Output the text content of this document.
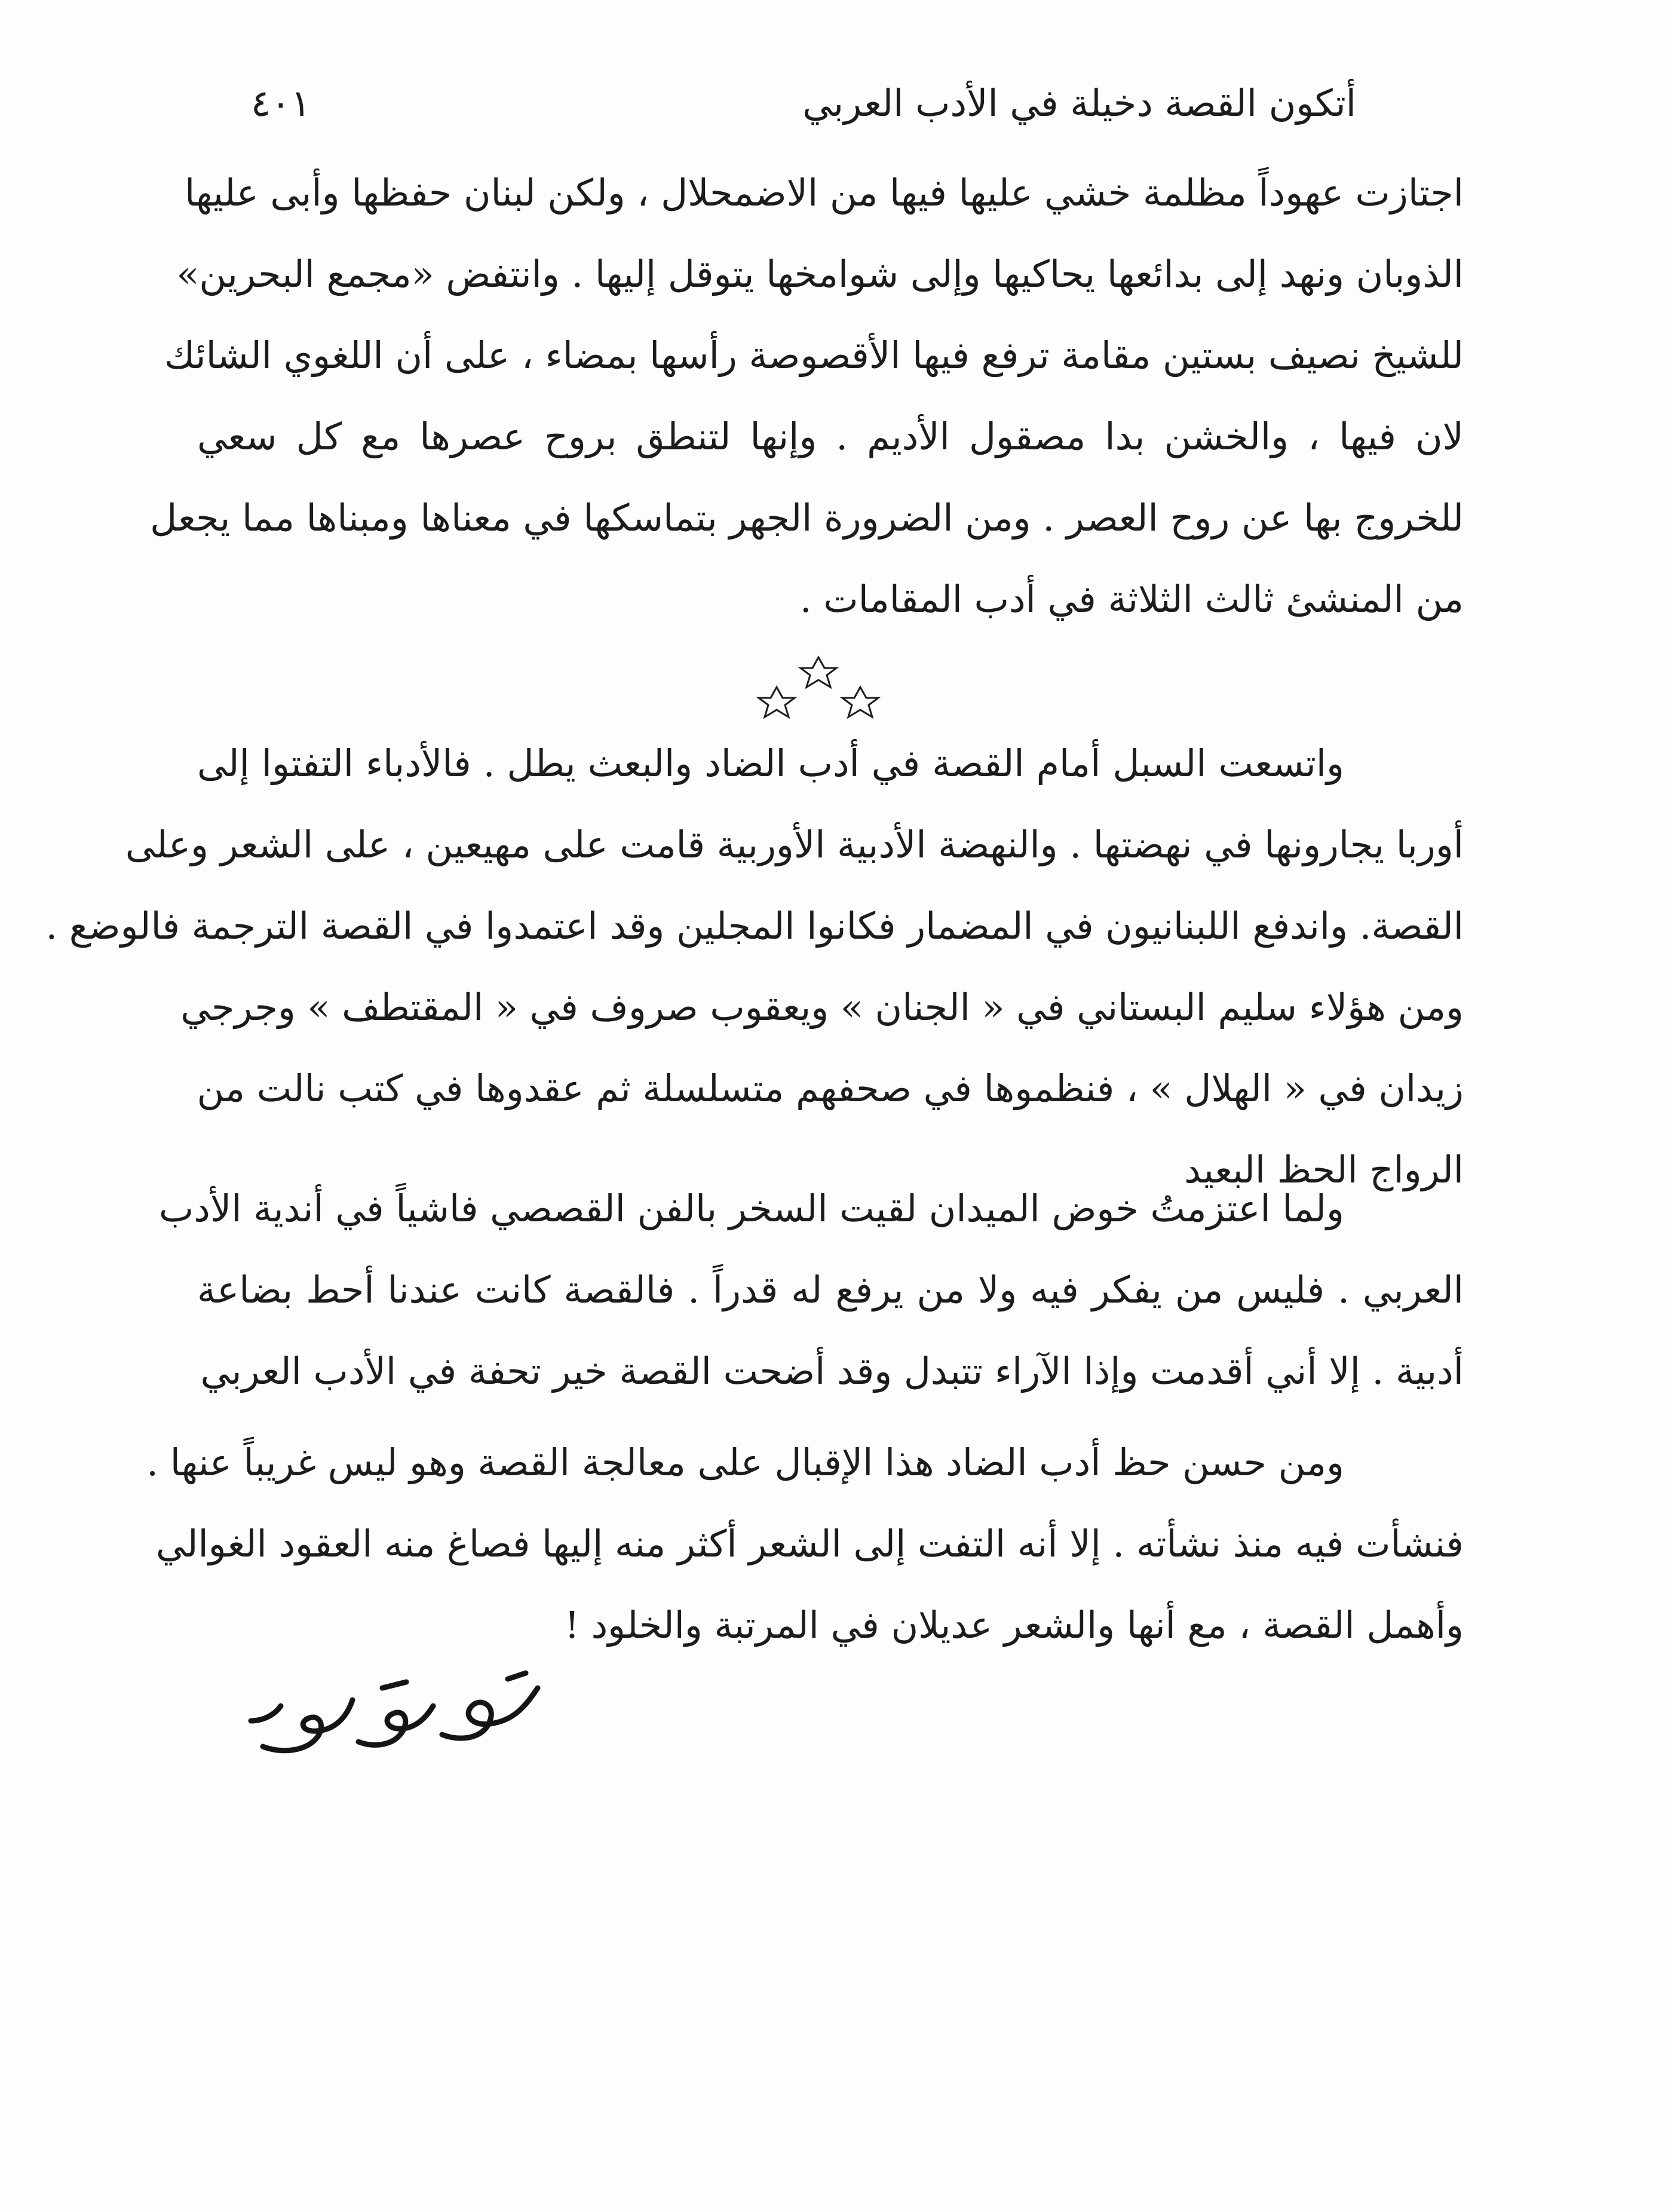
أتكون القصة دخيلة في الأدب العربي
٤٠١

اجتازت عهوداً مظلمة خشي عليها فيها من الاضمحلال ، ولكن لبنان حفظها وأبى عليها
الذوبان ونهد إلى بدائعها يحاكيها وإلى شوامخها يتوقل إليها . وانتفض «مجمع البحرين»
للشيخ نصيف بستين مقامة ترفع فيها الأقصوصة رأسها بمضاء ، على أن اللغوي الشائك
لان فيها ، والخشن بدا مصقول الأديم . وإنها لتنطق بروح عصرها مع كل سعي
للخروج بها عن روح العصر . ومن الضرورة الجهر بتماسكها في معناها ومبناها مما يجعل
من المنشئ ثالث الثلاثة في أدب المقامات .

واتسعت السبل أمام القصة في أدب الضاد والبعث يطل . فالأدباء التفتوا إلى
أوربا يجارونها في نهضتها . والنهضة الأدبية الأوربية قامت على مهيعين ، على الشعر وعلى
القصة. واندفع اللبنانيون في المضمار فكانوا المجلين وقد اعتمدوا في القصة الترجمة فالوضع .
ومن هؤلاء سليم البستاني في « الجنان » ويعقوب صروف في « المقتطف » وجرجي
زيدان في « الهلال » ، فنظموها في صحفهم متسلسلة ثم عقدوها في كتب نالت من
الرواج الحظ البعيد

ولما اعتزمتُ خوض الميدان لقيت السخر بالفن القصصي فاشياً في أندية الأدب
العربي . فليس من يفكر فيه ولا من يرفع له قدراً . فالقصة كانت عندنا أحط بضاعة
أدبية . إلا أني أقدمت وإذا الآراء تتبدل وقد أضحت القصة خير تحفة في الأدب العربي

ومن حسن حظ أدب الضاد هذا الإقبال على معالجة القصة وهو ليس غريباً عنها .
فنشأت فيه منذ نشأته . إلا أنه التفت إلى الشعر أكثر منه إليها فصاغ منه العقود الغوالي
وأهمل القصة ، مع أنها والشعر عديلان في المرتبة والخلود !
